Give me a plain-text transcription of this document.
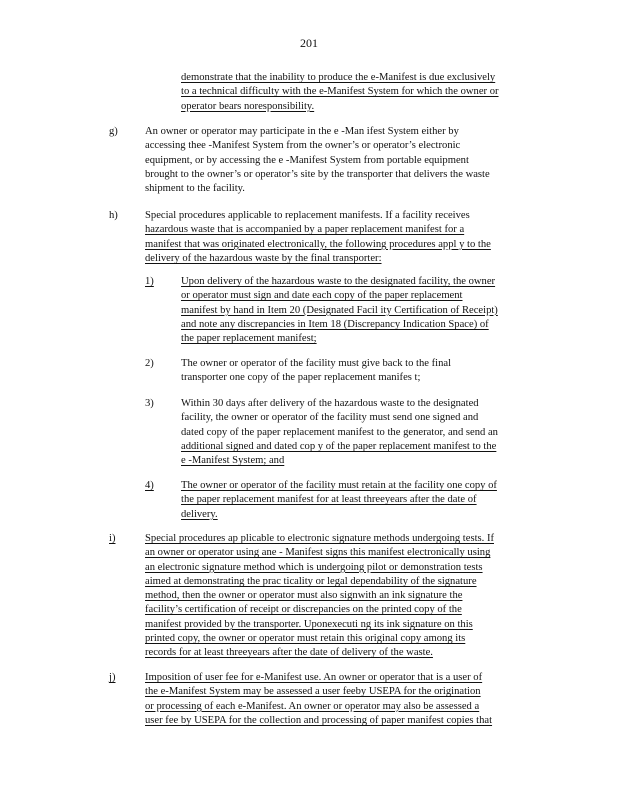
201
demonstrate that the inability to produce the e-Manifest is due exclusively
to a technical difficulty with the e-Manifest System for which the owner or
operator bears noresponsibility.
g)	An owner or operator may participate in the e -Man ifest System either by
accessing thee -Manifest System from the owner’s or operator’s electronic
equipment, or by accessing the e -Manifest System from portable equipment
brought to the owner’s or operator’s site by the transporter that delivers the waste
shipment to the facility.
h)	Special procedures applicable to replacement manifests. If a facility receives
hazardous waste that is accompanied by a paper replacement manifest for a
manifest that was originated electronically, the following procedures appl y to the
delivery of the hazardous waste by the final transporter:
1)	Upon delivery of the hazardous waste to the designated facility, the owner
or operator must sign and date each copy of the paper replacement
manifest by hand in Item 20 (Designated Facil ity Certification of Receipt)
and note any discrepancies in Item 18 (Discrepancy Indication Space) of
the paper replacement manifest;
2)	The owner or operator of the facility must give back to the final
transporter one copy of the paper replacement manifes t;
3)	Within 30 days after delivery of the hazardous waste to the designated
facility, the owner or operator of the facility must send one signed and
dated copy of the paper replacement manifest to the generator, and send an
additional signed and dated cop y of the paper replacement manifest to the
e -Manifest System; and
4)	The owner or operator of the facility must retain at the facility one copy of
the paper replacement manifest for at least threeyears after the date of
delivery.
i)	Special procedures ap plicable to electronic signature methods undergoing tests. If
an owner or operator using ane - Manifest signs this manifest electronically using
an electronic signature method which is undergoing pilot or demonstration tests
aimed at demonstrating the prac ticality or legal dependability of the signature
method, then the owner or operator must also signwith an ink signature the
facility’s certification of receipt or discrepancies on the printed copy of the
manifest provided by the transporter. Uponexecuti ng its ink signature on this
printed copy, the owner or operator must retain this original copy among its
records for at least threeyears after the date of delivery of the waste.
j)	Imposition of user fee for e-Manifest use. An owner or operator that is a user of
the e-Manifest System may be assessed a user feeby USEPA for the origination
or processing of each e-Manifest. An owner or operator may also be assessed a
user fee by USEPA for the collection and processing of paper manifest copies that
